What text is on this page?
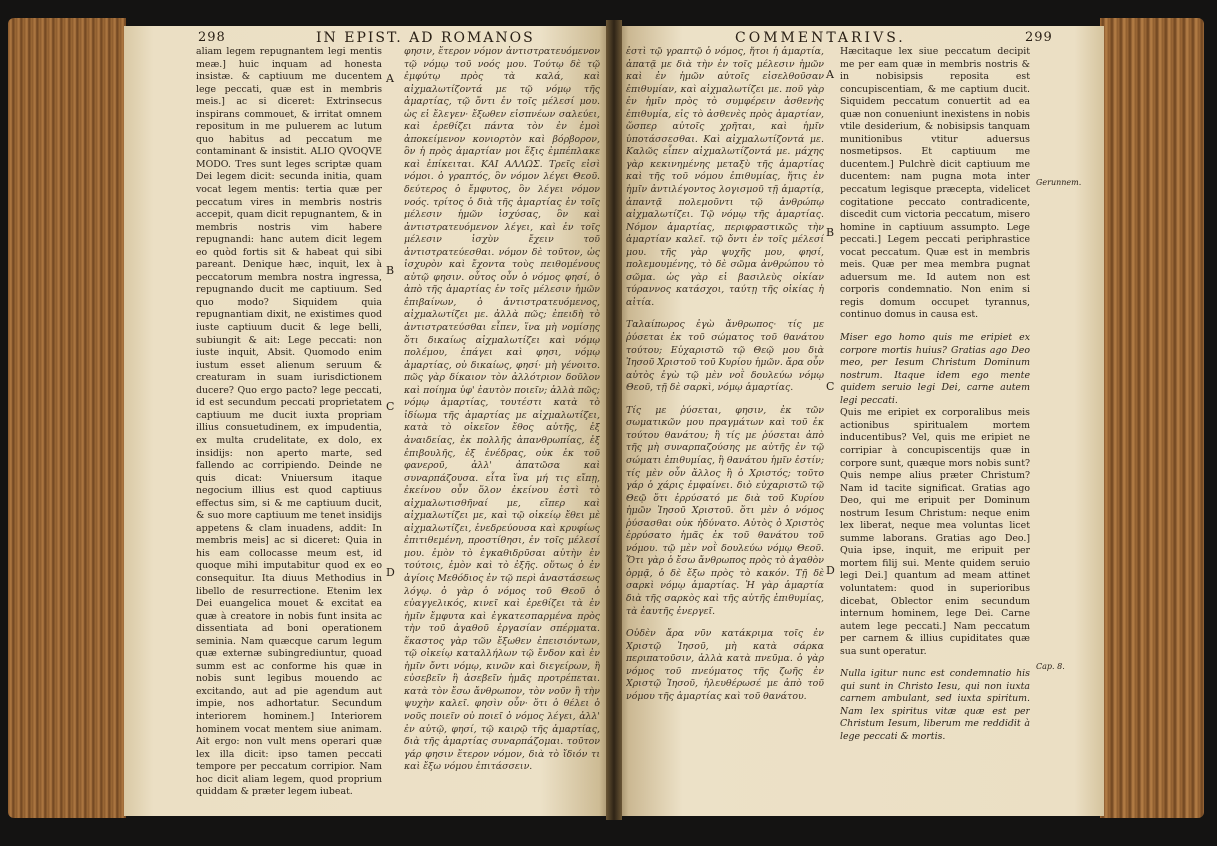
298	IN EPIST. AD ROMANOS	COMMENTARIVS.	299

aliam legem repugnantem legi mentis meæ.] huic inquam ad honesta insistæ. & captiuum me ducentem lege peccati, quæ est in membris meis.] ac si diceret: Extrinsecus inspirans commouet, & irritat omnem repositum in me puluerem ac lutum quo habitus ad peccatum me contaminant & insistit. ALIO QVOQVE MODO. Tres sunt leges scriptæ quam Dei legem dicit: secunda initia, quam vocat legem mentis: tertia quæ per peccatum vires in membris nostris accepit, quam dicit repugnantem, & in membris nostris vim habere repugnandi: hanc autem dicit legem eo quòd fortis sit & habeat qui sibi pareant. Denique hæc, inquit, lex à peccatorum membra nostra ingressa, repugnando ducit me captiuum. Sed quo modo? Siquidem quia repugnantiam dixit, ne existimes quod iuste captiuum ducit & lege belli, subiungit & ait: Lege peccati: non iuste inquit, Absit. Quomodo enim iustum esset alienum seruum & creaturam in suam iurisdictionem ducere? Quo ergo pacto? lege peccati, id est secundum peccati proprietatem captiuum me ducit iuxta propriam illius consuetudinem, ex impudentia, ex multa crudelitate, ex dolo, ex insidijs: non aperto marte, sed fallendo ac corripiendo. Deinde ne quis dicat: Vniuersum itaque negocium illius est quod captiuus effectus sim, si & me captiuum ducit, & suo more captiuum me tenet insidijs appetens & clam inuadens, addit: In membris meis] ac si diceret: Quia in his eam collocasse meum est, id quoque mihi imputabitur quod ex eo consequitur. Ita diuus Methodius in libello de resurrectione. Etenim lex Dei euangelica mouet & excitat ea quæ à creatore in nobis funt insita ac dissentiata ad boni operationem seminia. Nam quæcque carum legum quæ externæ subingrediuntur, quoad summ est ac conforme his quæ in nobis sunt legibus mouendo ac excitando, aut ad pie agendum aut impie, nos adhortatur. Secundum interiorem hominem.] Interiorem hominem vocat mentem siue animam. Ait ergo: non vult mens operari quæ lex illa dicit: ipso tamen peccati tempore per peccatum corripior. Nam hoc dicit aliam legem, quod proprium quiddam & præter legem iubeat.

φησιν, ἕτερον νόμον ἀντιστρατευόμενον τῷ νόμῳ τοῦ νοός μου. Τούτῳ δὲ τῷ ἐμφύτῳ πρὸς τὰ καλά, καὶ αἰχμαλωτίζοντά με τῷ νόμῳ τῆς ἁμαρτίας, τῷ ὄντι ἐν τοῖς μέλεσί μου. ὡς εἰ ἔλεγεν· ἔξωθεν εἰσπνέων σαλεύει, καὶ ἐρεθίζει πάντα τὸν ἐν ἐμοὶ ἀποκείμενον κονιορτὸν καὶ βόρβορον, ὃν ἡ πρὸς ἁμαρτίαν μοι ἕξις ἐμπέπλακε καὶ ἐπίκειται. ΚΑΙ ΑΛΛΩΣ. Τρεῖς εἰσὶ νόμοι. ὁ γραπτός, ὃν νόμον λέγει Θεοῦ. δεύτερος ὁ ἔμφυτος, ὃν λέγει νόμον νοός. τρίτος ὁ διὰ τῆς ἁμαρτίας ἐν τοῖς μέλεσιν ἡμῶν ἰσχύσας, ὃν καὶ ἀντιστρατευόμενον λέγει, καὶ ἐν τοῖς μέλεσιν ἰσχὺν ἔχειν τοῦ ἀντιστρατεύεσθαι. νόμον δὲ τοῦτον, ὡς ἰσχυρὸν καὶ ἔχοντα τοὺς πειθομένους αὐτῷ φησιν. οὗτος οὖν ὁ νόμος φησί, ὁ ἀπὸ τῆς ἁμαρτίας ἐν τοῖς μέλεσιν ἡμῶν ἐπιβαίνων, ὁ ἀντιστρατευόμενος, αἰχμαλωτίζει με. ἀλλὰ πῶς; ἐπειδὴ τὸ ἀντιστρατεύσθαι εἶπεν, ἵνα μὴ νομίσῃς ὅτι δικαίως αἰχμαλωτίζει καὶ νόμῳ πολέμου, ἐπάγει καὶ φησι, νόμῳ ἁμαρτίας, οὐ δικαίως, φησί· μὴ γένοιτο. πῶς γὰρ δίκαιον τὸν ἀλλότριον δοῦλον καὶ ποίημα ὑφ' ἑαυτὸν ποιεῖν; ἀλλὰ πῶς; νόμῳ ἁμαρτίας, τουτέστι κατὰ τὸ ἰδίωμα τῆς ἁμαρτίας με αἰχμαλωτίζει, κατὰ τὸ οἰκεῖον ἔθος αὐτῆς, ἐξ ἀναιδείας, ἐκ πολλῆς ἀπανθρωπίας, ἐξ ἐπιβουλῆς, ἐξ ἐνέδρας, οὐκ ἐκ τοῦ φανεροῦ, ἀλλ' ἀπατῶσα καὶ συναρπάζουσα. εἶτα ἵνα μή τις εἴπῃ, ἐκείνου οὖν ὅλον ἐκείνου ἐστὶ τὸ αἰχμαλωτισθῆναί με, εἴπερ καὶ αἰχμαλωτίζει με, καὶ τῷ οἰκείῳ ἔθει μὲ αἰχμαλωτίζει, ἐνεδρεύουσα καὶ κρυφίως ἐπιτιθεμένη, προστίθησι, ἐν τοῖς μέλεσί μου. ἐμὸν τὸ ἐγκαθιδρῦσαι αὐτὴν ἐν τούτοις, ἐμὸν καὶ τὸ ἐξῆς. οὕτως ὁ ἐν ἁγίοις Μεθόδιος ἐν τῷ περὶ ἀναστάσεως λόγῳ. ὁ γὰρ ὁ νόμος τοῦ Θεοῦ ὁ εὐαγγελικός, κινεῖ καὶ ἐρεθίζει τὰ ἐν ἡμῖν ἔμφυτα καὶ ἐγκατεσπαρμένα πρὸς τὴν τοῦ ἀγαθοῦ ἐργασίαν σπέρματα. ἕκαστος γὰρ τῶν ἔξωθεν ἐπεισιόντων, τῷ οἰκείῳ καταλλήλων τῷ ἔνδον καὶ ἐν ἡμῖν ὄντι νόμῳ, κινῶν καὶ διεγείρων, ἢ εὐσεβεῖν ἢ ἀσεβεῖν ἡμᾶς προτρέπεται. κατὰ τὸν ἔσω ἄνθρωπον, τὸν νοῦν ἢ τὴν ψυχὴν καλεῖ. φησὶν οὖν· ὅτι ὁ θέλει ὁ νοῦς ποιεῖν οὐ ποιεῖ ὁ νόμος λέγει, ἀλλ' ἐν αὐτῷ, φησί, τῷ καιρῷ τῆς ἁμαρτίας, διὰ τῆς ἁμαρτίας συναρπάζομαι. τοῦτον γάρ φησιν ἕτερον νόμον, διὰ τὸ ἴδιόν τι καὶ ἔξω νόμου ἐπιτάσσειν.

A
B
C
D

ἐστὶ τῷ γραπτῷ ὁ νόμος, ἤτοι ἡ ἁμαρτία, ἀπατᾷ με διὰ τὴν ἐν τοῖς μέλεσιν ἡμῶν καὶ ἐν ἡμῶν αὐτοῖς εἰσελθοῦσαν ἐπιθυμίαν, καὶ αἰχμαλωτίζει με. ποῦ γὰρ ἐν ἡμῖν πρὸς τὸ συμφέρειν ἀσθενὴς ἐπιθυμία, εἰς τὸ ἀσθενὲς πρὸς ἁμαρτίαν, ὥσπερ αὐτοῖς χρῆται, καὶ ἡμῖν ὑποτάσσεσθαι. Καὶ αἰχμαλωτίζοντά με. Καλῶς εἶπεν αἰχμαλωτίζοντά με. μάχης γὰρ κεκινημένης μεταξὺ τῆς ἁμαρτίας καὶ τῆς τοῦ νόμου ἐπιθυμίας, ἥτις ἐν ἡμῖν ἀντιλέγοντος λογισμοῦ τῇ ἁμαρτίᾳ, ἀπαντᾷ πολεμοῦντι τῷ ἀνθρώπῳ αἰχμαλωτίζει. Τῷ νόμῳ τῆς ἁμαρτίας. Νόμον ἁμαρτίας, περιφραστικῶς τὴν ἁμαρτίαν καλεῖ. τῷ ὄντι ἐν τοῖς μέλεσί μου. τῆς γὰρ ψυχῆς μου, φησί, πολεμουμένης, τὸ δὲ σῶμα ἀνθρώπου τὸ σῶμα. ὡς γὰρ εἰ βασιλεὺς οἰκίαν τύραννος κατάσχοι, ταύτῃ τῆς οἰκίας ἡ αἰτία.

Ταλαίπωρος ἐγὼ ἄνθρωπος· τίς με ῥύσεται ἐκ τοῦ σώματος τοῦ θανάτου τούτου; Εὐχαριστῶ τῷ Θεῷ μου διὰ Ἰησοῦ Χριστοῦ τοῦ Κυρίου ἡμῶν. ἄρα οὖν αὐτὸς ἐγὼ τῷ μὲν νοῒ δουλεύω νόμῳ Θεοῦ, τῇ δὲ σαρκὶ, νόμῳ ἁμαρτίας.

Τίς με ῥύσεται, φησιν, ἐκ τῶν σωματικῶν μου πραγμάτων καὶ τοῦ ἐκ τούτου θανάτου; ἢ τίς με ῥύσεται ἀπὸ τῆς μὴ συναρπαζούσης με αὐτῆς ἐν τῷ σώματι ἐπιθυμίας, ἢ θανάτου ἡμῖν ἐστίν; τίς μὲν οὖν ἄλλος ἢ ὁ Χριστός; τοῦτο γάρ ὁ χάρις ἐμφαίνει. διὸ εὐχαριστῶ τῷ Θεῷ ὅτι ἐρρύσατό με διὰ τοῦ Κυρίου ἡμῶν Ἰησοῦ Χριστοῦ. ὅτι μὲν ὁ νόμος ῥύσασθαι οὐκ ἠδύνατο. Αὐτὸς ὁ Χριστὸς ἐρρύσατο ἡμᾶς ἐκ τοῦ θανάτου τοῦ νόμου. τῷ μὲν νοῒ δουλεύω νόμῳ Θεοῦ. Ὅτι γὰρ ὁ ἔσω ἄνθρωπος πρὸς τὸ ἀγαθὸν ὁρμᾷ, ὁ δὲ ἔξω πρὸς τὸ κακόν. Τῇ δὲ σαρκὶ νόμῳ ἁμαρτίας. Ἡ γὰρ ἁμαρτία διὰ τῆς σαρκὸς καὶ τῆς αὐτῆς ἐπιθυμίας, τὰ ἑαυτῆς ἐνεργεῖ.

Οὐδὲν ἄρα νῦν κατάκριμα τοῖς ἐν Χριστῷ Ἰησοῦ, μὴ κατὰ σάρκα περιπατοῦσιν, ἀλλὰ κατὰ πνεῦμα. ὁ γὰρ νόμος τοῦ πνεύματος τῆς ζωῆς ἐν Χριστῷ Ἰησοῦ, ἠλευθέρωσέ με ἀπὸ τοῦ νόμου τῆς ἁμαρτίας καὶ τοῦ θανάτου.

Hæcitaque lex siue peccatum decipit me per eam quæ in membris nostris & in nobisipsis reposita est concupiscentiam, & me captium ducit. Siquidem peccatum conuertit ad ea quæ non conueniunt inexistens in nobis vtile desiderium, & nobisipsis tanquam munitionibus vtitur aduersus nosmetipsos. Et captiuum me ducentem.] Pulchrè dicit captiuum me ducentem: nam pugna mota inter peccatum legisque præcepta, videlicet cogitatione peccato contradicente, discedit cum victoria peccatum, misero homine in captiuum assumpto. Lege peccati.] Legem peccati periphrastice vocat peccatum. Quæ est in membris meis. Quæ per mea membra pugnat aduersum me. Id autem non est corporis condemnatio. Non enim si regis domum occupet tyrannus, continuo domus in causa est.

Miser ego homo quis me eripiet ex corpore mortis huius? Gratias ago Deo meo, per Iesum Christum Dominum nostrum. Itaque idem ego mente quidem seruio legi Dei, carne autem legi peccati.

Quis me eripiet ex corporalibus meis actionibus spiritualem mortem inducentibus? Vel, quis me eripiet ne corripiar à concupiscentijs quæ in corpore sunt, quæque mors nobis sunt? Quis nempe alius præter Christum? Nam id tacite significat. Gratias ago Deo, qui me eripuit per Dominum nostrum Iesum Christum: neque enim lex liberat, neque mea voluntas licet summe laborans. Gratias ago Deo.] Quia ipse, inquit, me eripuit per mortem filij sui. Mente quidem seruio legi Dei.] quantum ad meam attinet voluntatem: quod in superioribus dicebat, Oblector enim secundum internum hominem, lege Dei. Carne autem lege peccati.] Nam peccatum per carnem & illius cupiditates quæ sua sunt operatur.

Nulla igitur nunc est condemnatio his qui sunt in Christo Iesu, qui non iuxta carnem ambulant, sed iuxta spiritum. Nam lex spiritus vitæ quæ est per Christum Iesum, liberum me reddidit à lege peccati & mortis.

A
B
C
D
Gerunnem.
Cap. 8.
